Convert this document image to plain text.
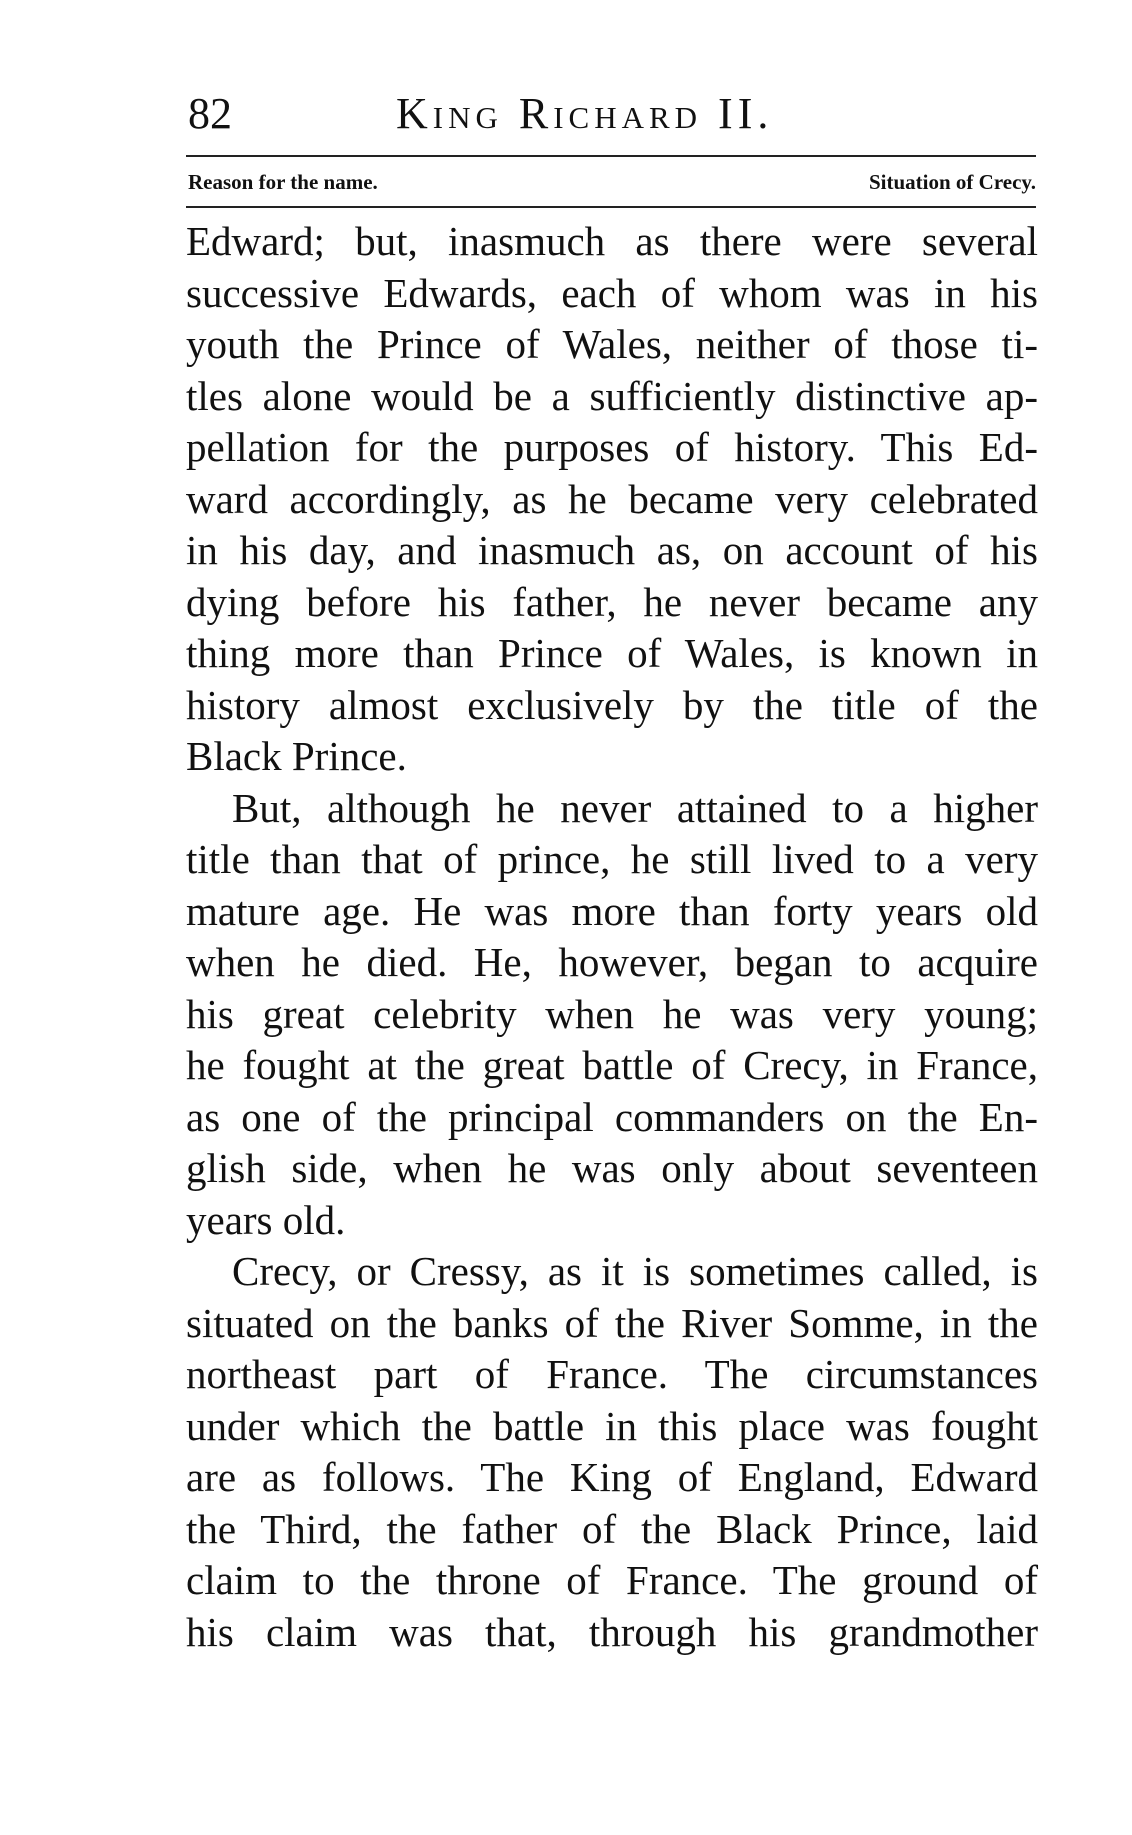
82	King Richard II.
Reason for the name.	Situation of Crecy.
Edward; but, inasmuch as there were several
successive Edwards, each of whom was in his
youth the Prince of Wales, neither of those ti-
tles alone would be a sufficiently distinctive ap-
pellation for the purposes of history. This Ed-
ward accordingly, as he became very celebrated
in his day, and inasmuch as, on account of his
dying before his father, he never became any
thing more than Prince of Wales, is known in
history almost exclusively by the title of the
Black Prince.
But, although he never attained to a higher
title than that of prince, he still lived to a very
mature age. He was more than forty years old
when he died. He, however, began to acquire
his great celebrity when he was very young;
he fought at the great battle of Crecy, in France,
as one of the principal commanders on the En-
glish side, when he was only about seventeen
years old.
Crecy, or Cressy, as it is sometimes called, is
situated on the banks of the River Somme, in the
northeast part of France. The circumstances
under which the battle in this place was fought
are as follows. The King of England, Edward
the Third, the father of the Black Prince, laid
claim to the throne of France. The ground of
his claim was that, through his grandmother
